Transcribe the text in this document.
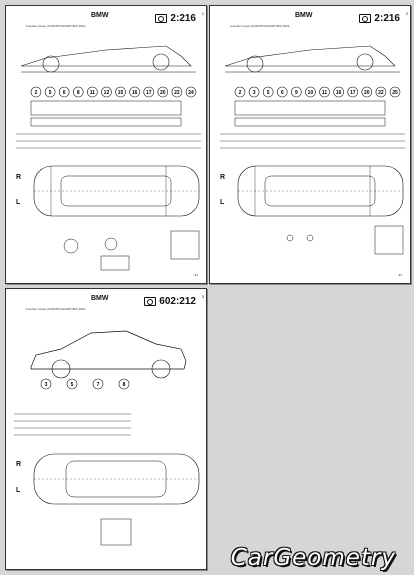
BMW
2-series Coupe (F22/F87/G42/F87/M2) 2021-
2:216 1
2 5 6 8 11 12 15 16 17 20 22 24
R
L
97
BMW
2-series Coupe (F22/F87/G42/F87/M2) 2021-
2:216 2
2 3 5 6 9 10 11 16 17 20 22 25
R
L
97
BMW
2-series Coupe (F22/F87/G42/F87/M2) 2021-
602:212 3
3	5	7	8
R
L
CarGeometry
